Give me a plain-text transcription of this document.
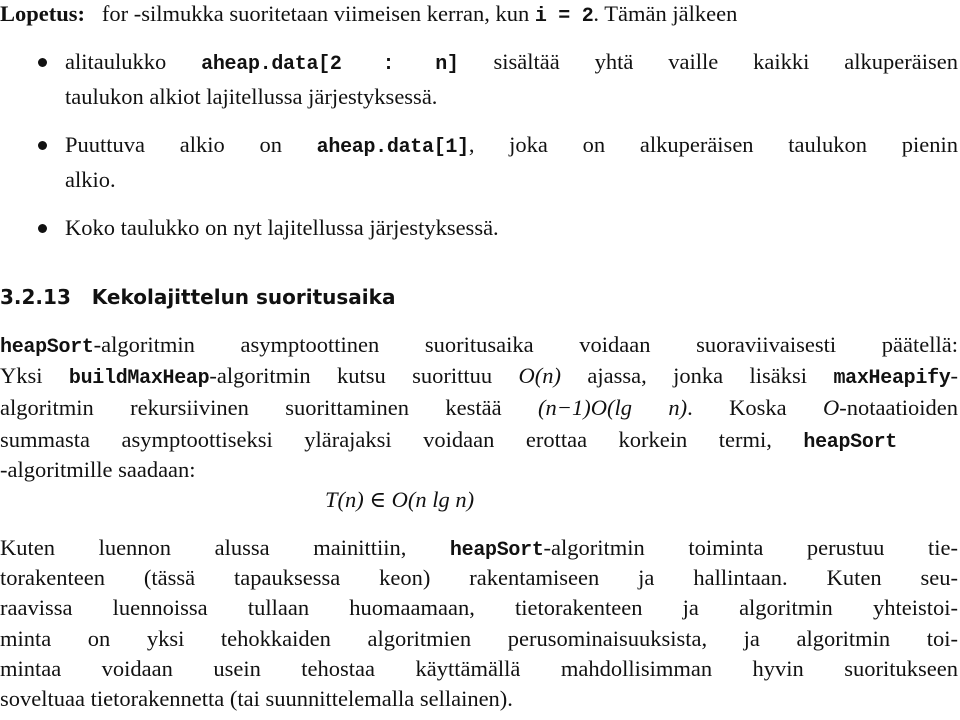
Lopetus:   for -silmukka suoritetaan viimeisen kerran, kun i = 2. Tämän jälkeen
alitaulukko aheap.data[2 : n] sisältää yhtä vaille kaikki alkuperäisen
taulukon alkiot lajitellussa järjestyksessä.
Puuttuva alkio on aheap.data[1], joka on alkuperäisen taulukon pienin
alkio.
Koko taulukko on nyt lajitellussa järjestyksessä.
3.2.13   Kekolajittelun suoritusaika
heapSort-algoritmin asymptoottinen suoritusaika voidaan suoraviivaisesti päätellä:
Yksi buildMaxHeap-algoritmin kutsu suorittuu O(n) ajassa, jonka lisäksi maxHeapify-
algoritmin rekursiivinen suorittaminen kestää (n−1)O(lg n). Koska O-notaatioiden
summasta asymptoottiseksi ylärajaksi voidaan erottaa korkein termi, heapSort
-algoritmille saadaan:
T(n) ∈ O(n lg n)
Kuten luennon alussa mainittiin, heapSort-algoritmin toiminta perustuu tie-
torakenteen (tässä tapauksessa keon) rakentamiseen ja hallintaan. Kuten seu-
raavissa luennoissa tullaan huomaamaan, tietorakenteen ja algoritmin yhteistoi-
minta on yksi tehokkaiden algoritmien perusominaisuuksista, ja algoritmin toi-
mintaa voidaan usein tehostaa käyttämällä mahdollisimman hyvin suoritukseen
soveltuaa tietorakennetta (tai suunnittelemalla sellainen).
